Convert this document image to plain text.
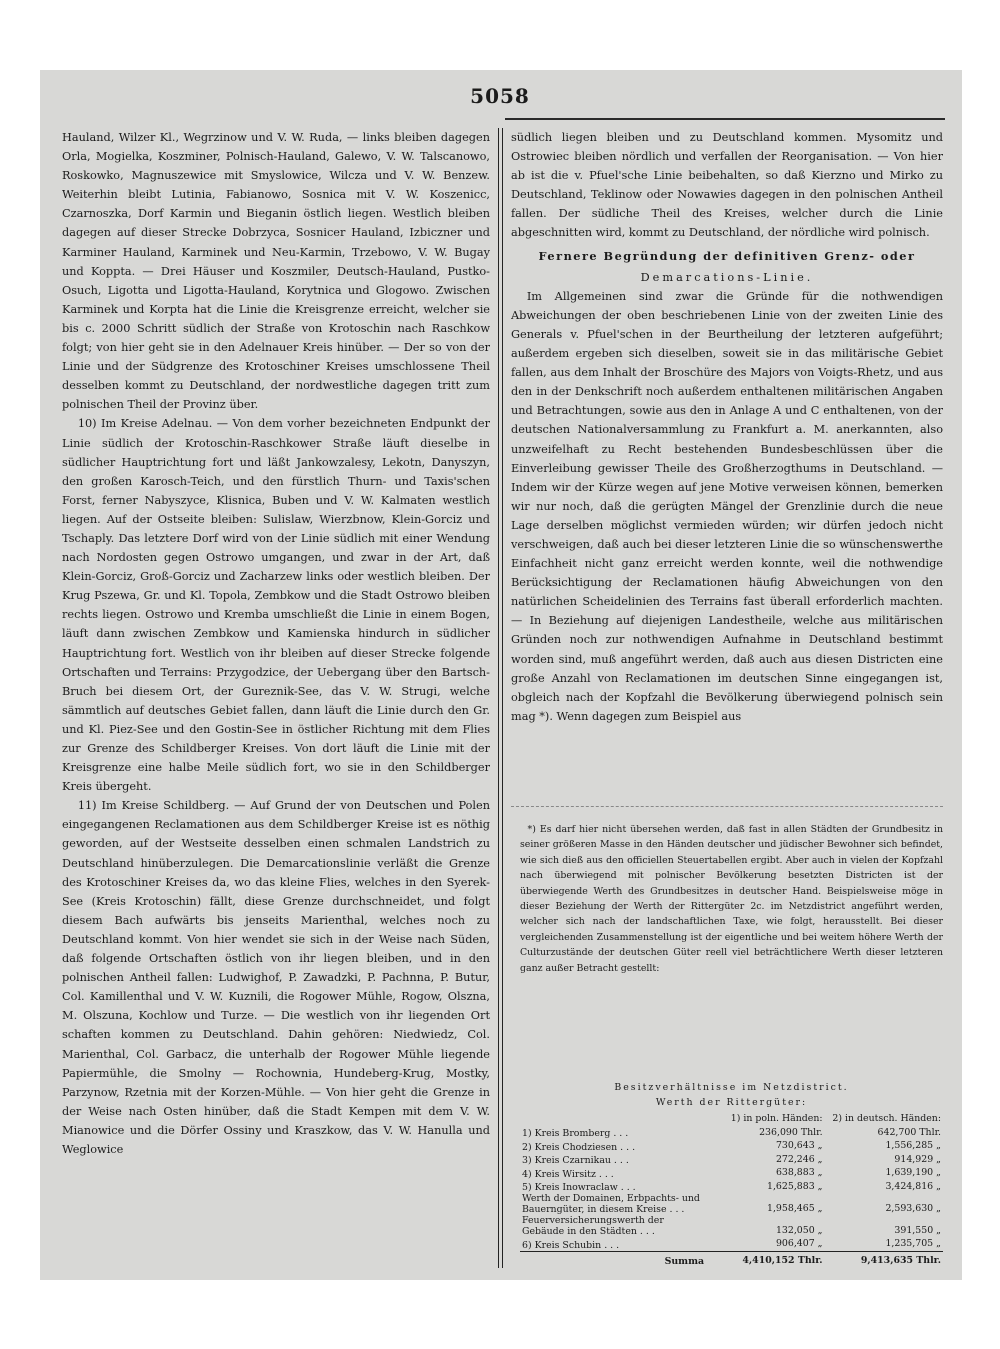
5058

Hauland, Wilzer Kl., Wegrzinow und V. W. Ruda, — links bleiben dagegen Orla, Mogielka, Koszminer, Polnisch-Hauland, Galewo, V. W. Talscanowo, Roskowko, Magnuszewice mit Smyslowice, Wilcza und V. W. Benzew. Weiterhin bleibt Lutinia, Fabianowo, Sosnica mit V. W. Koszenicc, Czarnoszka, Dorf Karmin und Bieganin östlich liegen. Westlich bleiben dagegen auf dieser Strecke Dobrzyca, Sosnicer Hauland, Izbiczner und Karminer Hauland, Karminek und Neu-Karmin, Trzebowo, V. W. Bugay und Koppta. — Drei Häuser und Koszmiler, Deutsch-Hauland, Pustko-Osuch, Ligotta und Ligotta-Hauland, Korytnica und Glogowo. Zwischen Karminek und Korpta hat die Linie die Kreisgrenze erreicht, welcher sie bis c. 2000 Schritt südlich der Straße von Krotoschin nach Raschkow folgt; von hier geht sie in den Adelnauer Kreis hinüber. — Der so von der Linie und der Südgrenze des Krotoschiner Kreises umschlossene Theil desselben kommt zu Deutschland, der nordwestliche dagegen tritt zum polnischen Theil der Provinz über.

10) Im Kreise Adelnau. — Von dem vorher bezeichneten Endpunkt der Linie südlich der Krotoschin-Raschkower Straße läuft dieselbe in südlicher Hauptrichtung fort und läßt Jankowzalesy, Lekotn, Danyszyn, den großen Karosch-Teich, und den fürstlich Thurn- und Taxis'schen Forst, ferner Nabyszyce, Klisnica, Buben und V. W. Kalmaten westlich liegen. Auf der Ostseite bleiben: Sulislaw, Wierzbnow, Klein-Gorciz und Tschaply. Das letztere Dorf wird von der Linie südlich mit einer Wendung nach Nordosten gegen Ostrowo umgangen, und zwar in der Art, daß Klein-Gorciz, Groß-Gorciz und Zacharzew links oder westlich bleiben. Der Krug Pszewa, Gr. und Kl. Topola, Zembkow und die Stadt Ostrowo bleiben rechts liegen. Ostrowo und Kremba umschließt die Linie in einem Bogen, läuft dann zwischen Zembkow und Kamienska hindurch in südlicher Hauptrichtung fort. Westlich von ihr bleiben auf dieser Strecke folgende Ortschaften und Terrains: Przygodzice, der Uebergang über den Bartsch-Bruch bei diesem Ort, der Gureznik-See, das V. W. Strugi, welche sämmtlich auf deutsches Gebiet fallen, dann läuft die Linie durch den Gr. und Kl. Piez-See und den Gostin-See in östlicher Richtung mit dem Flies zur Grenze des Schildberger Kreises. Von dort läuft die Linie mit der Kreisgrenze eine halbe Meile südlich fort, wo sie in den Schildberger Kreis übergeht.

11) Im Kreise Schildberg. — Auf Grund der von Deutschen und Polen eingegangenen Reclamationen aus dem Schildberger Kreise ist es nöthig geworden, auf der Westseite desselben einen schmalen Landstrich zu Deutschland hinüberzulegen. Die Demarcationslinie verläßt die Grenze des Krotoschiner Kreises da, wo das kleine Flies, welches in den Syerek-See (Kreis Krotoschin) fällt, diese Grenze durchschneidet, und folgt diesem Bach aufwärts bis jenseits Marienthal, welches noch zu Deutschland kommt. Von hier wendet sie sich in der Weise nach Süden, daß folgende Ortschaften östlich von ihr liegen bleiben, und in den polnischen Antheil fallen: Ludwighof, P. Zawadzki, P. Pachnna, P. Butur, Col. Kamillenthal und V. W. Kuznili, die Rogower Mühle, Rogow, Olszna, M. Olszuna, Kochlow und Turze. — Die westlich von ihr liegenden Ort schaften kommen zu Deutschland. Dahin gehören: Niedwiedz, Col. Marienthal, Col. Garbacz, die unterhalb der Rogower Mühle liegende Papiermühle, die Smolny — Rochownia, Hundeberg-Krug, Mostky, Parzynow, Rzetnia mit der Korzen-Mühle. — Von hier geht die Grenze in der Weise nach Osten hinüber, daß die Stadt Kempen mit dem V. W. Mianowice und die Dörfer Ossiny und Kraszkow, das V. W. Hanulla und Weglowice

südlich liegen bleiben und zu Deutschland kommen. Mysomitz und Ostrowiec bleiben nördlich und verfallen der Reorganisation. — Von hier ab ist die v. Pfuel'sche Linie beibehalten, so daß Kierzno und Mirko zu Deutschland, Teklinow oder Nowawies dagegen in den polnischen Antheil fallen. Der südliche Theil des Kreises, welcher durch die Linie abgeschnitten wird, kommt zu Deutschland, der nördliche wird polnisch.

Fernere Begründung der definitiven Grenz- oder

Demarcations-Linie.

Im Allgemeinen sind zwar die Gründe für die nothwendigen Abweichungen der oben beschriebenen Linie von der zweiten Linie des Generals v. Pfuel'schen in der Beurtheilung der letzteren aufgeführt; außerdem ergeben sich dieselben, soweit sie in das militärische Gebiet fallen, aus dem Inhalt der Broschüre des Majors von Voigts-Rhetz, und aus den in der Denkschrift noch außerdem enthaltenen militärischen Angaben und Betrachtungen, sowie aus den in Anlage A und C enthaltenen, von der deutschen Nationalversammlung zu Frankfurt a. M. anerkannten, also unzweifelhaft zu Recht bestehenden Bundesbeschlüssen über die Einverleibung gewisser Theile des Großherzogthums in Deutschland. — Indem wir der Kürze wegen auf jene Motive verweisen können, bemerken wir nur noch, daß die gerügten Mängel der Grenzlinie durch die neue Lage derselben möglichst vermieden würden; wir dürfen jedoch nicht verschweigen, daß auch bei dieser letzteren Linie die so wünschenswerthe Einfachheit nicht ganz erreicht werden konnte, weil die nothwendige Berücksichtigung der Reclamationen häufig Abweichungen von den natürlichen Scheidelinien des Terrains fast überall erforderlich machten. — In Beziehung auf diejenigen Landestheile, welche aus militärischen Gründen noch zur nothwendigen Aufnahme in Deutschland bestimmt worden sind, muß angeführt werden, daß auch aus diesen Districten eine große Anzahl von Reclamationen im deutschen Sinne eingegangen ist, obgleich nach der Kopfzahl die Bevölkerung überwiegend polnisch sein mag *). Wenn dagegen zum Beispiel aus

*) Es darf hier nicht übersehen werden, daß fast in allen Städten der Grundbesitz in seiner größeren Masse in den Händen deutscher und jüdischer Bewohner sich befindet, wie sich dieß aus den officiellen Steuertabellen ergibt. Aber auch in vielen der Kopfzahl nach überwiegend mit polnischer Bevölkerung besetzten Districten ist der überwiegende Werth des Grundbesitzes in deutscher Hand. Beispielsweise möge in dieser Beziehung der Werth der Rittergüter 2c. im Netzdistrict angeführt werden, welcher sich nach der landschaftlichen Taxe, wie folgt, herausstellt. Bei dieser vergleichenden Zusammenstellung ist der eigentliche und bei weitem höhere Werth der Culturzustände der deutschen Güter reell viel beträchtlichere Werth dieser letzteren ganz außer Betracht gestellt:

Besitzverhältnisse im Netzdistrict.
Werth der Rittergüter:
	1) in poln. Händen:	2) in deutsch. Händen:
1) Kreis Bromberg . . .	236,090 Thlr.	642,700 Thlr.
2) Kreis Chodziesen . . .	730,643 „	1,556,285 „
3) Kreis Czarnikau . . .	272,246 „	914,929 „
4) Kreis Wirsitz . . .	638,883 „	1,639,190 „
5) Kreis Inowraclaw . . .	1,625,883 „	3,424,816 „
Werth der Domainen, Erbpachts- und Bauerngüter, in diesem Kreise . . .	1,958,465 „	2,593,630 „
Feuerversicherungswerth der Gebäude in den Städten . . .	132,050 „	391,550 „
6) Kreis Schubin . . .	906,407 „	1,235,705 „
Summa	4,410,152 Thlr.	9,413,635 Thlr.
